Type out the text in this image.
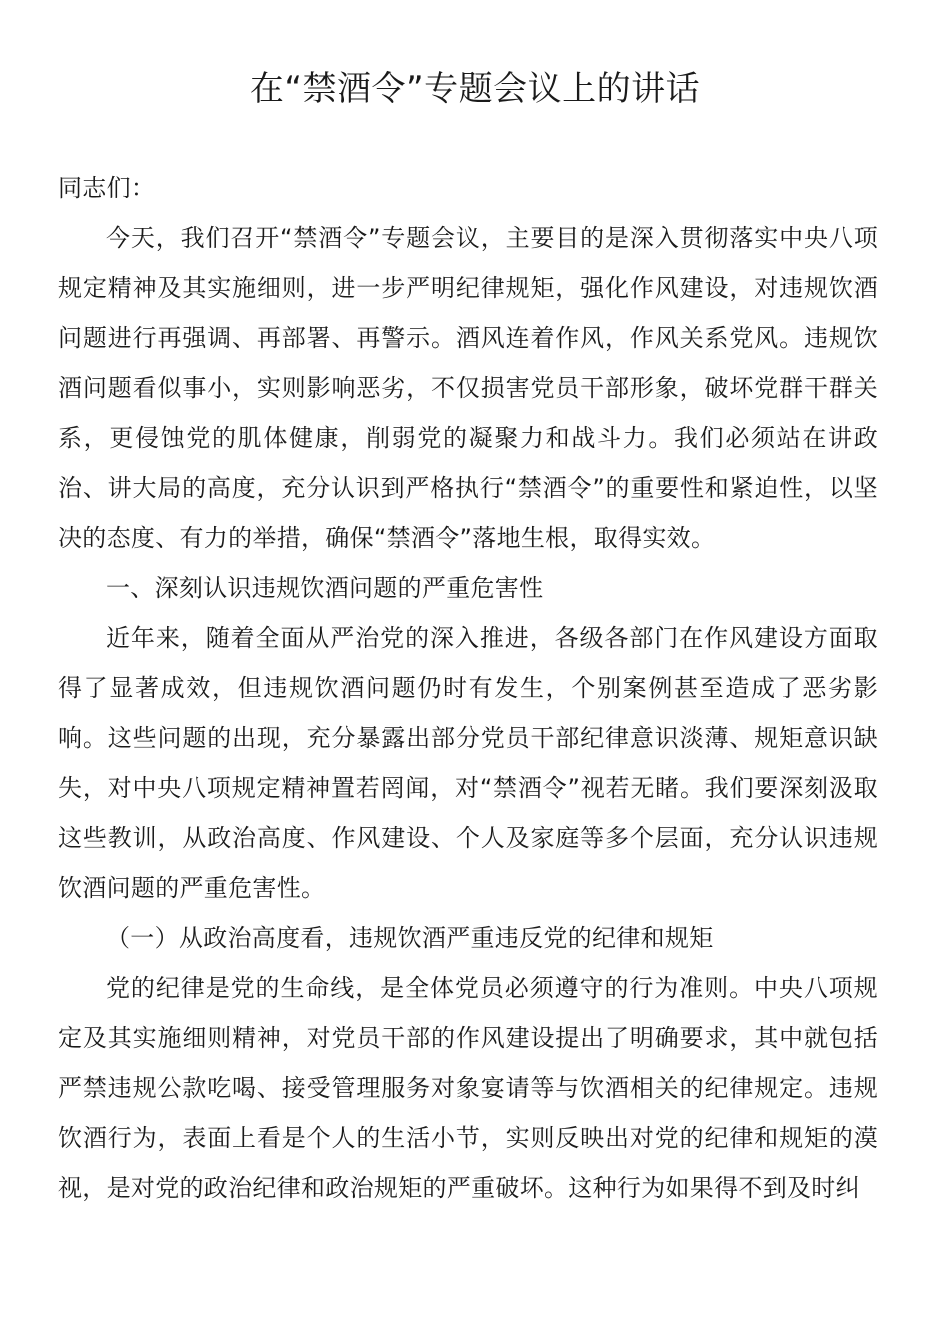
在“禁酒令”专题会议上的讲话

同志们：

今天，我们召开“禁酒令”专题会议，主要目的是深入贯彻落实中央八项规定精神及其实施细则，进一步严明纪律规矩，强化作风建设，对违规饮酒问题进行再强调、再部署、再警示。酒风连着作风，作风关系党风。违规饮酒问题看似事小，实则影响恶劣，不仅损害党员干部形象，破坏党群干群关系，更侵蚀党的肌体健康，削弱党的凝聚力和战斗力。我们必须站在讲政治、讲大局的高度，充分认识到严格执行“禁酒令”的重要性和紧迫性，以坚决的态度、有力的举措，确保“禁酒令”落地生根，取得实效。

一、深刻认识违规饮酒问题的严重危害性

近年来，随着全面从严治党的深入推进，各级各部门在作风建设方面取得了显著成效，但违规饮酒问题仍时有发生，个别案例甚至造成了恶劣影响。这些问题的出现，充分暴露出部分党员干部纪律意识淡薄、规矩意识缺失，对中央八项规定精神置若罔闻，对“禁酒令”视若无睹。我们要深刻汲取这些教训，从政治高度、作风建设、个人及家庭等多个层面，充分认识违规饮酒问题的严重危害性。

（一）从政治高度看，违规饮酒严重违反党的纪律和规矩

党的纪律是党的生命线，是全体党员必须遵守的行为准则。中央八项规定及其实施细则精神，对党员干部的作风建设提出了明确要求，其中就包括严禁违规公款吃喝、接受管理服务对象宴请等与饮酒相关的纪律规定。违规饮酒行为，表面上看是个人的生活小节，实则反映出对党的纪律和规矩的漠视，是对党的政治纪律和政治规矩的严重破坏。这种行为如果得不到及时纠
